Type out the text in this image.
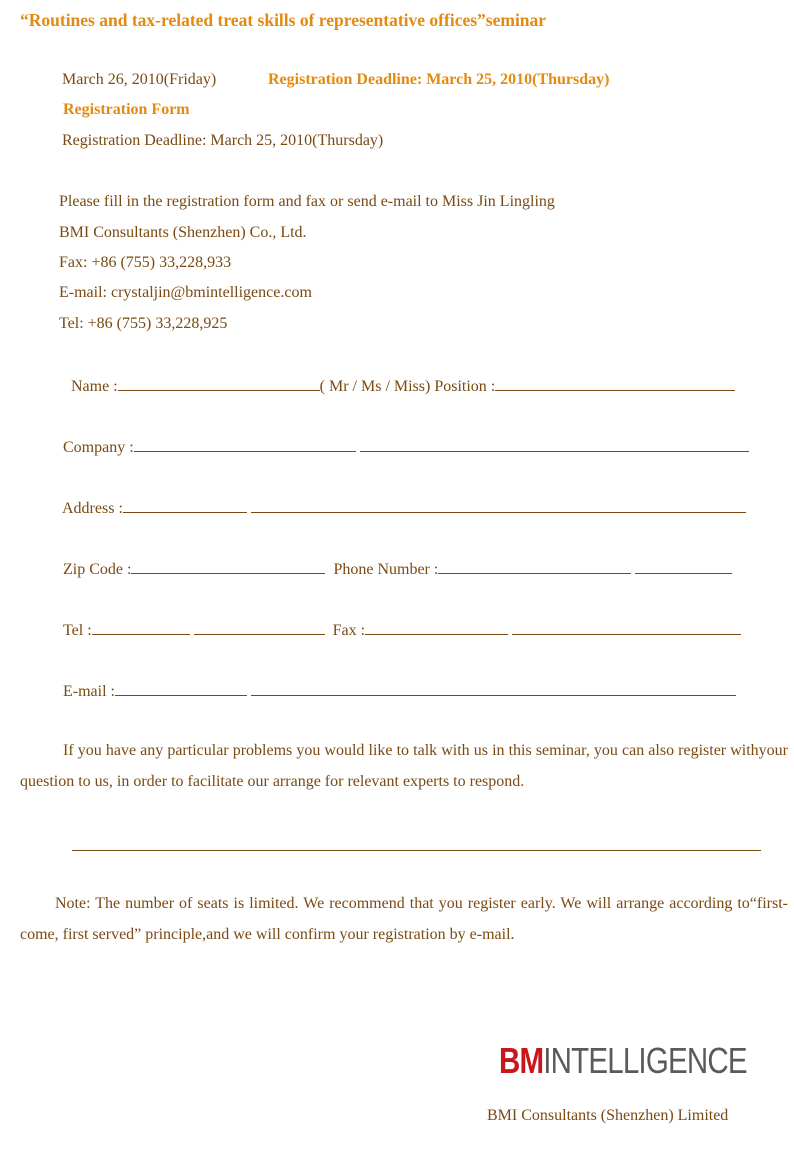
“Routines and tax-related treat skills of representative offices”seminar
March 26, 2010(Friday)	Registration Deadline: March 25, 2010(Thursday)
Registration Form
Registration Deadline: March 25, 2010(Thursday)
Please fill in the registration form and fax or send e-mail to Miss Jin Lingling
BMI Consultants (Shenzhen) Co., Ltd.
Fax: +86 (755) 33,228,933
E-mail: crystaljin@bmintelligence.com
Tel: +86 (755) 33,228,925
Name :	( Mr / Ms / Miss) Position :
Company :
Address :
Zip Code :	Phone Number :
Tel :	Fax :
E-mail :
If you have any particular problems you would like to talk with us in this seminar, you can also register withyour question to us, in order to facilitate our arrange for relevant experts to respond.
Note: The number of seats is limited. We recommend that you register early. We will arrange according to“first-come, first served” principle,and we will confirm your registration by e-mail.
BMINTELLIGENCE
BMI Consultants (Shenzhen) Limited
